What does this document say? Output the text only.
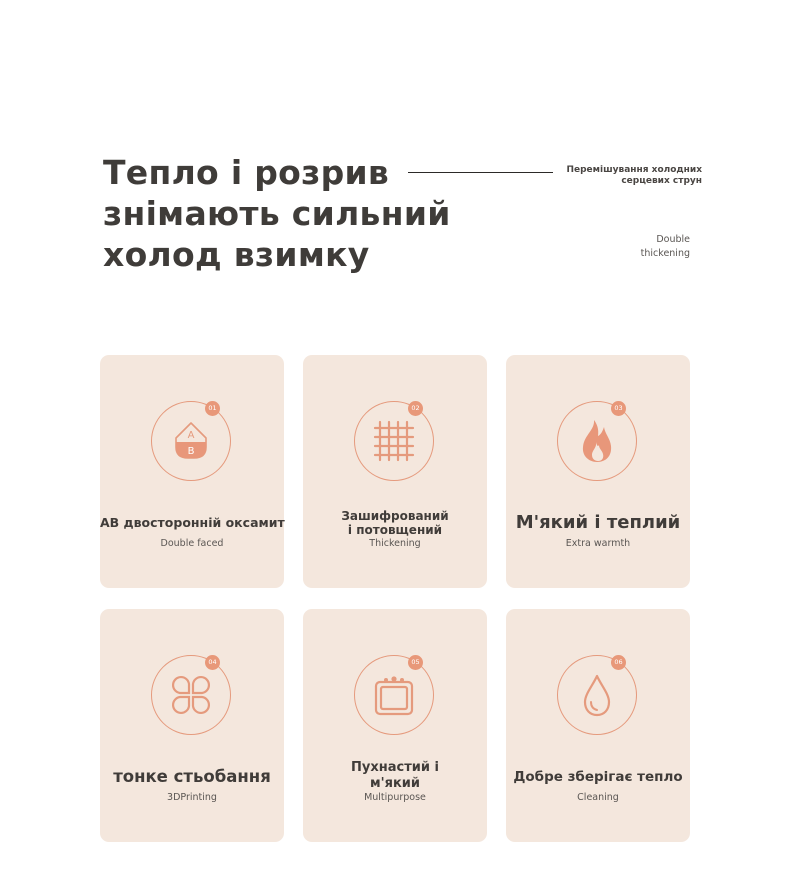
Тепло і розрив
знімають сильний
холод взимку
Перемішування холодних
серцевих струн
Double
thickening
A
B
01
АВ двосторонній оксамит
Double faced
02
Зашифрований
і потовщений
Thickening
03
М'який і теплий
Extra warmth
04
тонке стьобання
3DPrinting
05
Пухнастий і
м'який
Multipurpose
06
Добре зберігає тепло
Cleaning
